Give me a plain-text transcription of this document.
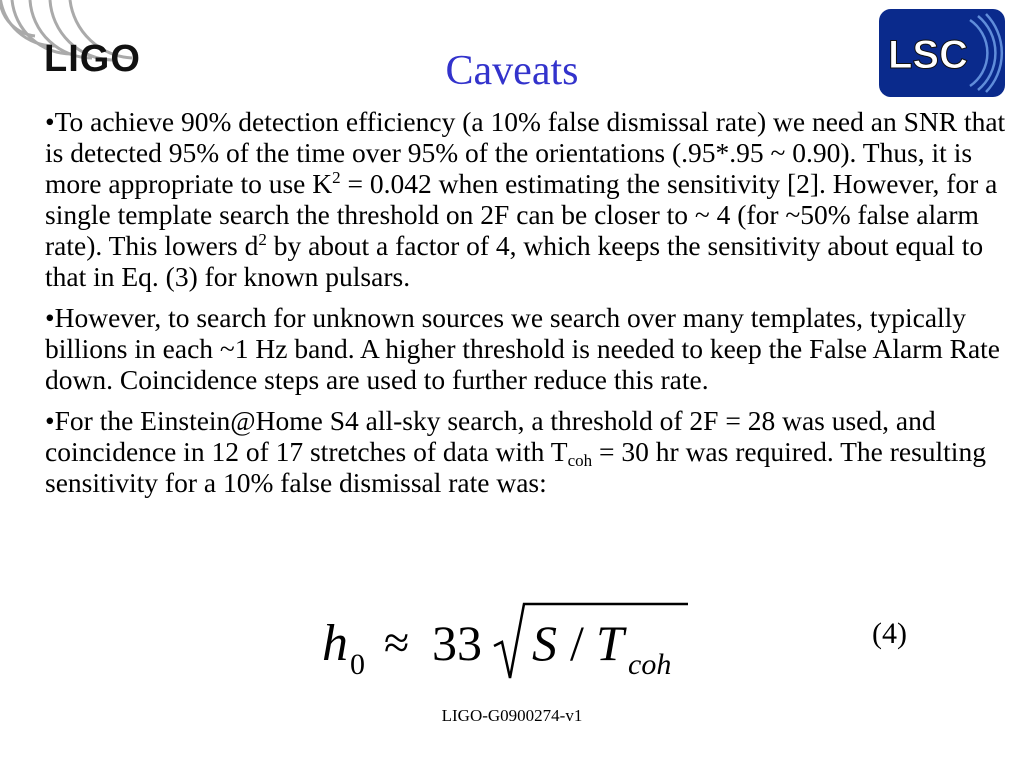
LIGO	LSC
Caveats

•To achieve 90% detection efficiency (a 10% false dismissal rate) we need an SNR that is detected 95% of the time over 95% of the orientations (.95*.95 ~ 0.90). Thus, it is more appropriate to use $K^2 = 0.042$ when estimating the sensitivity [2]. However, for a single template search the threshold on 2F can be closer to ~ 4 (for ~50% false alarm rate). This lowers $d^2$ by about a factor of 4, which keeps the sensitivity about equal to that in Eq. (3) for known pulsars.

•However, to search for unknown sources we search over many templates, typically billions in each ~1 Hz band. A higher threshold is needed to keep the False Alarm Rate down. Coincidence steps are used to further reduce this rate.

•For the Einstein@Home S4 all-sky search, a threshold of 2F = 28 was used, and coincidence in 12 of 17 stretches of data with $T_{coh} = 30$ hr was required. The resulting sensitivity for a 10% false dismissal rate was:

h 0 ≈ 33 S / T coh
(4)
LIGO-G0900274-v1
